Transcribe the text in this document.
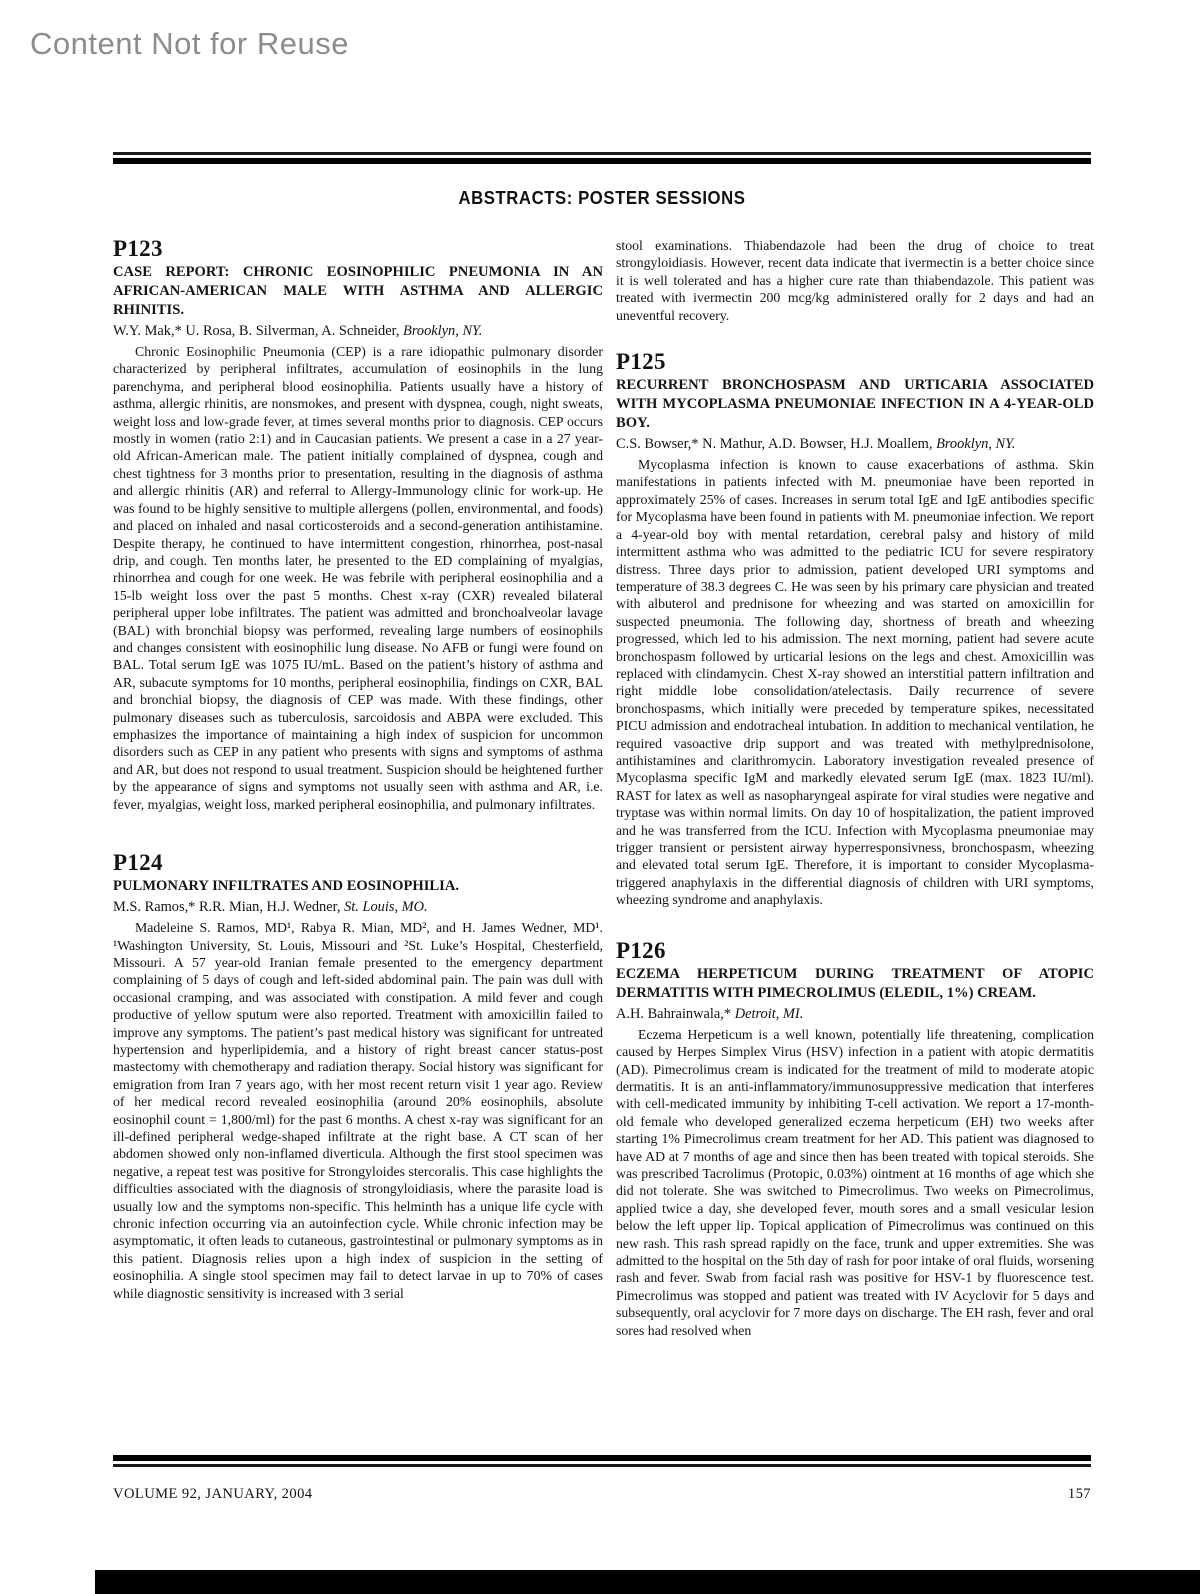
Content Not for Reuse
ABSTRACTS: POSTER SESSIONS
P123
CASE REPORT: CHRONIC EOSINOPHILIC PNEUMONIA IN AN AFRICAN-AMERICAN MALE WITH ASTHMA AND ALLERGIC RHINITIS.

W.Y. Mak,* U. Rosa, B. Silverman, A. Schneider, Brooklyn, NY.

Chronic Eosinophilic Pneumonia (CEP) is a rare idiopathic pulmonary disorder characterized by peripheral infiltrates, accumulation of eosinophils in the lung parenchyma, and peripheral blood eosinophilia. Patients usually have a history of asthma, allergic rhinitis, are nonsmokes, and present with dyspnea, cough, night sweats, weight loss and low-grade fever, at times several months prior to diagnosis. CEP occurs mostly in women (ratio 2:1) and in Caucasian patients. We present a case in a 27 year-old African-American male. The patient initially complained of dyspnea, cough and chest tightness for 3 months prior to presentation, resulting in the diagnosis of asthma and allergic rhinitis (AR) and referral to Allergy-Immunology clinic for work-up. He was found to be highly sensitive to multiple allergens (pollen, environmental, and foods) and placed on inhaled and nasal corticosteroids and a second-generation antihistamine. Despite therapy, he continued to have intermittent congestion, rhinorrhea, post-nasal drip, and cough. Ten months later, he presented to the ED complaining of myalgias, rhinorrhea and cough for one week. He was febrile with peripheral eosinophilia and a 15-lb weight loss over the past 5 months. Chest x-ray (CXR) revealed bilateral peripheral upper lobe infiltrates. The patient was admitted and bronchoalveolar lavage (BAL) with bronchial biopsy was performed, revealing large numbers of eosinophils and changes consistent with eosinophilic lung disease. No AFB or fungi were found on BAL. Total serum IgE was 1075 IU/mL. Based on the patient’s history of asthma and AR, subacute symptoms for 10 months, peripheral eosinophilia, findings on CXR, BAL and bronchial biopsy, the diagnosis of CEP was made. With these findings, other pulmonary diseases such as tuberculosis, sarcoidosis and ABPA were excluded. This emphasizes the importance of maintaining a high index of suspicion for uncommon disorders such as CEP in any patient who presents with signs and symptoms of asthma and AR, but does not respond to usual treatment. Suspicion should be heightened further by the appearance of signs and symptoms not usually seen with asthma and AR, i.e. fever, myalgias, weight loss, marked peripheral eosinophilia, and pulmonary infiltrates.

P124
PULMONARY INFILTRATES AND EOSINOPHILIA.

M.S. Ramos,* R.R. Mian, H.J. Wedner, St. Louis, MO.

Madeleine S. Ramos, MD¹, Rabya R. Mian, MD², and H. James Wedner, MD¹. ¹Washington University, St. Louis, Missouri and ²St. Luke’s Hospital, Chesterfield, Missouri. A 57 year-old Iranian female presented to the emergency department complaining of 5 days of cough and left-sided abdominal pain. The pain was dull with occasional cramping, and was associated with constipation. A mild fever and cough productive of yellow sputum were also reported. Treatment with amoxicillin failed to improve any symptoms. The patient’s past medical history was significant for untreated hypertension and hyperlipidemia, and a history of right breast cancer status-post mastectomy with chemotherapy and radiation therapy. Social history was significant for emigration from Iran 7 years ago, with her most recent return visit 1 year ago. Review of her medical record revealed eosinophilia (around 20% eosinophils, absolute eosinophil count = 1,800/ml) for the past 6 months. A chest x-ray was significant for an ill-defined peripheral wedge-shaped infiltrate at the right base. A CT scan of her abdomen showed only non-inflamed diverticula. Although the first stool specimen was negative, a repeat test was positive for Strongyloides stercoralis. This case highlights the difficulties associated with the diagnosis of strongyloidiasis, where the parasite load is usually low and the symptoms non-specific. This helminth has a unique life cycle with chronic infection occurring via an autoinfection cycle. While chronic infection may be asymptomatic, it often leads to cutaneous, gastrointestinal or pulmonary symptoms as in this patient. Diagnosis relies upon a high index of suspicion in the setting of eosinophilia. A single stool specimen may fail to detect larvae in up to 70% of cases while diagnostic sensitivity is increased with 3 serial

stool examinations. Thiabendazole had been the drug of choice to treat strongyloidiasis. However, recent data indicate that ivermectin is a better choice since it is well tolerated and has a higher cure rate than thiabendazole. This patient was treated with ivermectin 200 mcg/kg administered orally for 2 days and had an uneventful recovery.

P125
RECURRENT BRONCHOSPASM AND URTICARIA ASSOCIATED WITH MYCOPLASMA PNEUMONIAE INFECTION IN A 4-YEAR-OLD BOY.

C.S. Bowser,* N. Mathur, A.D. Bowser, H.J. Moallem, Brooklyn, NY.

Mycoplasma infection is known to cause exacerbations of asthma. Skin manifestations in patients infected with M. pneumoniae have been reported in approximately 25% of cases. Increases in serum total IgE and IgE antibodies specific for Mycoplasma have been found in patients with M. pneumoniae infection. We report a 4-year-old boy with mental retardation, cerebral palsy and history of mild intermittent asthma who was admitted to the pediatric ICU for severe respiratory distress. Three days prior to admission, patient developed URI symptoms and temperature of 38.3 degrees C. He was seen by his primary care physician and treated with albuterol and prednisone for wheezing and was started on amoxicillin for suspected pneumonia. The following day, shortness of breath and wheezing progressed, which led to his admission. The next morning, patient had severe acute bronchospasm followed by urticarial lesions on the legs and chest. Amoxicillin was replaced with clindamycin. Chest X-ray showed an interstitial pattern infiltration and right middle lobe consolidation/atelectasis. Daily recurrence of severe bronchospasms, which initially were preceded by temperature spikes, necessitated PICU admission and endotracheal intubation. In addition to mechanical ventilation, he required vasoactive drip support and was treated with methylprednisolone, antihistamines and clarithromycin. Laboratory investigation revealed presence of Mycoplasma specific IgM and markedly elevated serum IgE (max. 1823 IU/ml). RAST for latex as well as nasopharyngeal aspirate for viral studies were negative and tryptase was within normal limits. On day 10 of hospitalization, the patient improved and he was transferred from the ICU. Infection with Mycoplasma pneumoniae may trigger transient or persistent airway hyperresponsivness, bronchospasm, wheezing and elevated total serum IgE. Therefore, it is important to consider Mycoplasma-triggered anaphylaxis in the differential diagnosis of children with URI symptoms, wheezing syndrome and anaphylaxis.

P126
ECZEMA HERPETICUM DURING TREATMENT OF ATOPIC DERMATITIS WITH PIMECROLIMUS (ELEDIL, 1%) CREAM.

A.H. Bahrainwala,* Detroit, MI.

Eczema Herpeticum is a well known, potentially life threatening, complication caused by Herpes Simplex Virus (HSV) infection in a patient with atopic dermatitis (AD). Pimecrolimus cream is indicated for the treatment of mild to moderate atopic dermatitis. It is an anti-inflammatory/immunosuppressive medication that interferes with cell-medicated immunity by inhibiting T-cell activation. We report a 17-month-old female who developed generalized eczema herpeticum (EH) two weeks after starting 1% Pimecrolimus cream treatment for her AD. This patient was diagnosed to have AD at 7 months of age and since then has been treated with topical steroids. She was prescribed Tacrolimus (Protopic, 0.03%) ointment at 16 months of age which she did not tolerate. She was switched to Pimecrolimus. Two weeks on Pimecrolimus, applied twice a day, she developed fever, mouth sores and a small vesicular lesion below the left upper lip. Topical application of Pimecrolimus was continued on this new rash. This rash spread rapidly on the face, trunk and upper extremities. She was admitted to the hospital on the 5th day of rash for poor intake of oral fluids, worsening rash and fever. Swab from facial rash was positive for HSV-1 by fluorescence test. Pimecrolimus was stopped and patient was treated with IV Acyclovir for 5 days and subsequently, oral acyclovir for 7 more days on discharge. The EH rash, fever and oral sores had resolved when

VOLUME 92, JANUARY, 2004	157
